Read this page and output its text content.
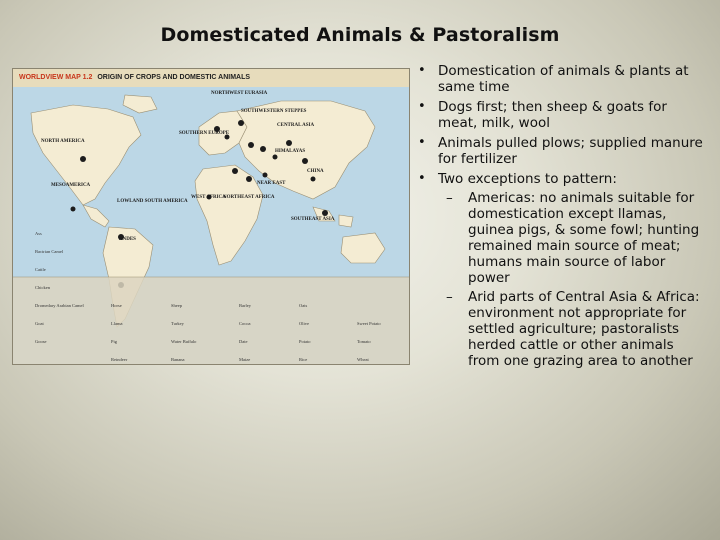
Domesticated Animals & Pastoralism
WORLDVIEW MAP 1.2 ORIGIN OF CROPS AND DOMESTIC ANIMALS
NORTHWEST EURASIA
SOUTHWESTERN STEPPES
CENTRAL ASIA
SOUTHERN EUROPE
NORTH AMERICA
HIMALAYAS
CHINA
MESOAMERICA	NEAR EAST
WEST AFRICA
NORTHEAST AFRICA
LOWLAND SOUTH AMERICA
SOUTHEAST ASIA
ANDES
Ass
Bactrian Camel
Cattle
Chicken
Dromedary Arabian Camel
Goat
Goose
Horse
Llama
Pig
Reindeer
Sheep
Turkey
Water Buffalo
Banana
Barley
Cocoa
Date
Maize
Oats
Olive
Potato
Rice
Sweet Potato
Tomato
Wheat
• Domestication of animals & plants at same time
• Dogs first; then sheep & goats for meat, milk, wool
• Animals pulled plows; supplied manure for fertilizer
• Two exceptions to pattern:
– Americas: no animals suitable for domestication except llamas, guinea pigs, & some fowl; hunting remained main source of meat; humans main source of labor power
– Arid parts of Central Asia & Africa: environment not appropriate for settled agriculture; pastoralists herded cattle or other animals from one grazing area to another
